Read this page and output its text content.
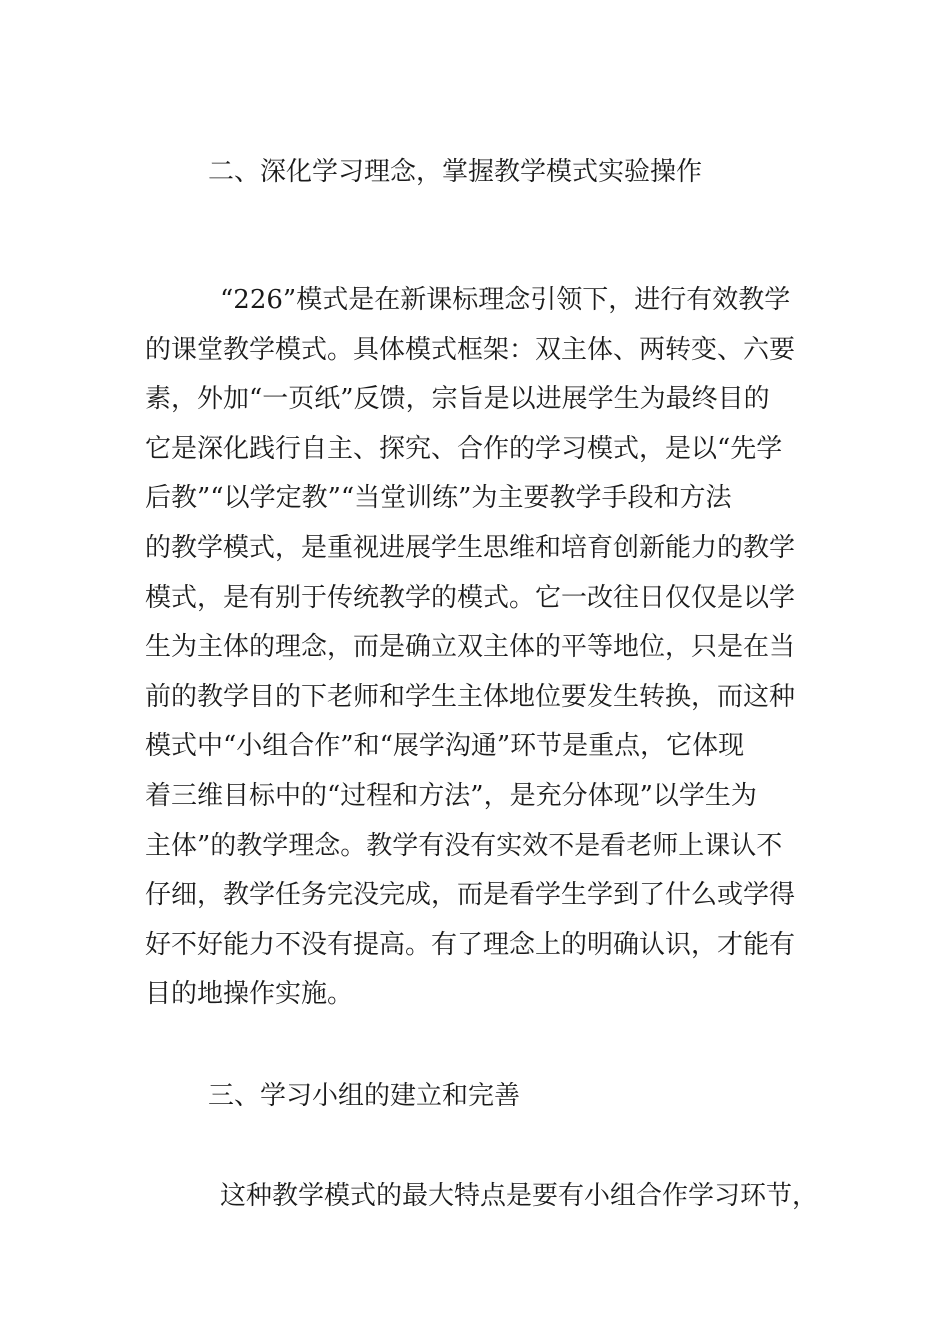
二、深化学习理念，掌握教学模式实验操作
“226”模式是在新课标理念引领下，进行有效教学
的课堂教学模式。具体模式框架：双主体、两转变、六要
素，外加“一页纸”反馈，宗旨是以进展学生为最终目的
它是深化践行自主、探究、合作的学习模式，是以“先学
后教”“以学定教”“当堂训练”为主要教学手段和方法
的教学模式，是重视进展学生思维和培育创新能力的教学
模式，是有别于传统教学的模式。它一改往日仅仅是以学
生为主体的理念，而是确立双主体的平等地位，只是在当
前的教学目的下老师和学生主体地位要发生转换，而这种
模式中“小组合作”和“展学沟通”环节是重点，它体现
着三维目标中的“过程和方法”，是充分体现”以学生为
主体”的教学理念。教学有没有实效不是看老师上课认不
仔细，教学任务完没完成，而是看学生学到了什么或学得
好不好能力不没有提高。有了理念上的明确认识，才能有
目的地操作实施。
三、学习小组的建立和完善
这种教学模式的最大特点是要有小组合作学习环节，
